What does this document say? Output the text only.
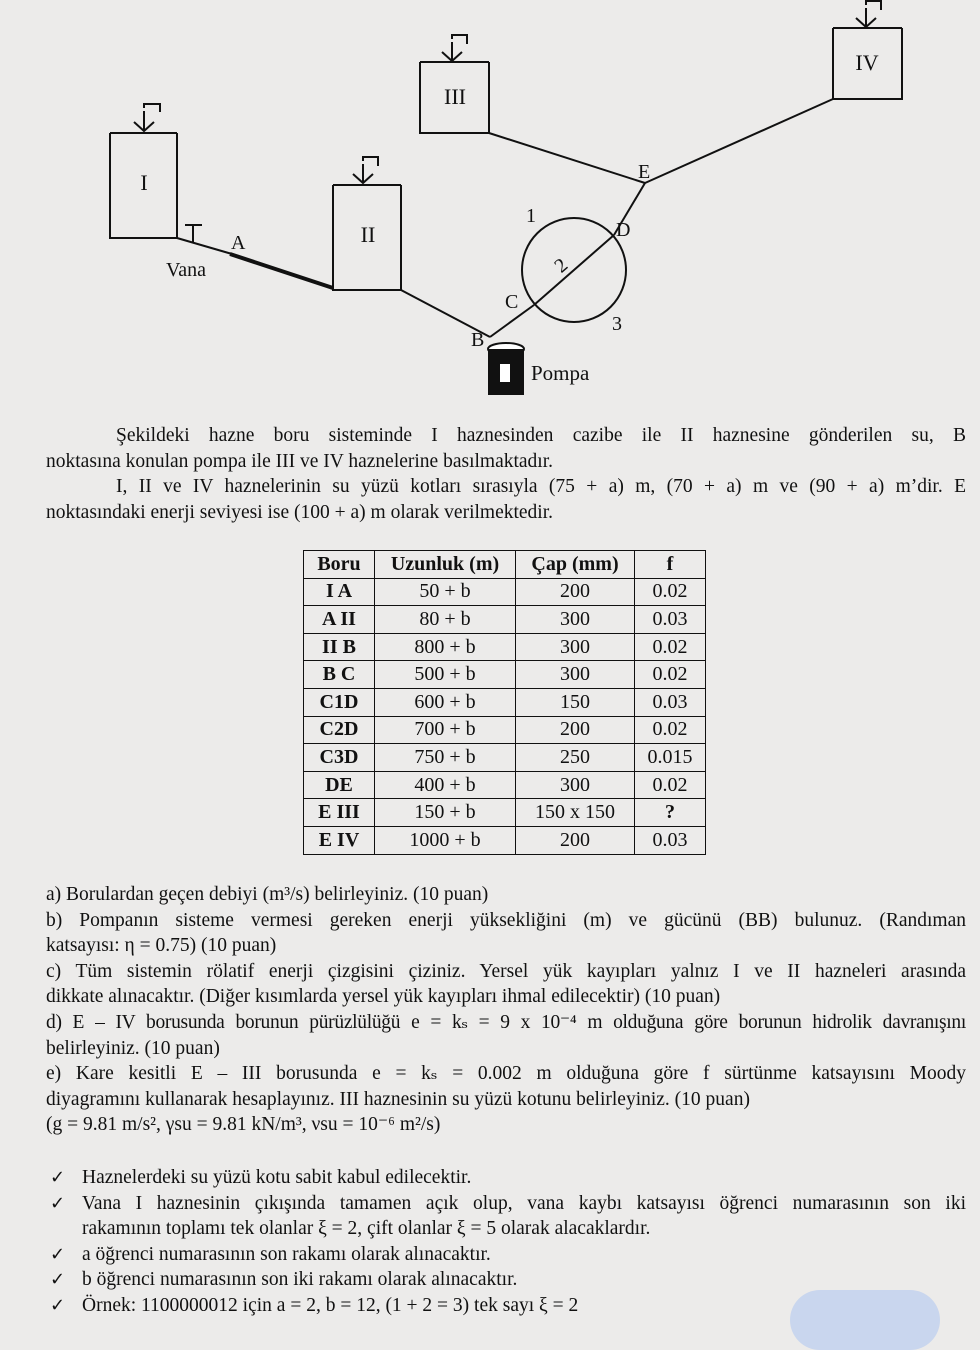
I
II
III
IV
A
B
C
D
E
1
2
3
Vana
Pompa
Şekildeki hazne boru sisteminde I haznesinden cazibe ile II haznesine gönderilen su, B
noktasına konulan pompa ile III ve IV haznelerine basılmaktadır.
I, II ve IV haznelerinin su yüzü kotları sırasıyla (75 + a) m, (70 + a) m ve (90 + a) m’dir. E
noktasındaki enerji seviyesi ise (100 + a) m olarak verilmektedir.
Boru	Uzunluk (m)	Çap (mm)	f
I A	50 + b	200	0.02
A II	80 + b	300	0.03
II B	800 + b	300	0.02
B C	500 + b	300	0.02
C1D	600 + b	150	0.03
C2D	700 + b	200	0.02
C3D	750 + b	250	0.015
DE	400 + b	300	0.02
E III	150 + b	150 x 150	?
E IV	1000 + b	200	0.03
a) Borulardan geçen debiyi (m³/s) belirleyiniz. (10 puan)
b) Pompanın sisteme vermesi gereken enerji yüksekliğini (m) ve gücünü (BB) bulunuz. (Randıman
katsayısı: η = 0.75) (10 puan)
c) Tüm sistemin rölatif enerji çizgisini çiziniz. Yersel yük kayıpları yalnız I ve II hazneleri arasında
dikkate alınacaktır. (Diğer kısımlarda yersel yük kayıpları ihmal edilecektir) (10 puan)
d) E – IV borusunda borunun pürüzlülüğü e = kₛ = 9 x 10⁻⁴ m olduğuna göre borunun hidrolik davranışını
belirleyiniz. (10 puan)
e) Kare kesitli E – III borusunda e = kₛ = 0.002 m olduğuna göre f sürtünme katsayısını Moody
diyagramını kullanarak hesaplayınız. III haznesinin su yüzü kotunu belirleyiniz. (10 puan)
(g = 9.81 m/s², γsu = 9.81 kN/m³, νsu = 10⁻⁶ m²/s)
✓ Haznelerdeki su yüzü kotu sabit kabul edilecektir.
✓ Vana I haznesinin çıkışında tamamen açık olup, vana kaybı katsayısı öğrenci numarasının son iki
rakamının toplamı tek olanlar ξ = 2, çift olanlar ξ = 5 olarak alacaklardır.
✓ a öğrenci numarasının son rakamı olarak alınacaktır.
✓ b öğrenci numarasının son iki rakamı olarak alınacaktır.
✓ Örnek: 1100000012 için a = 2, b = 12, (1 + 2 = 3) tek sayı ξ = 2
